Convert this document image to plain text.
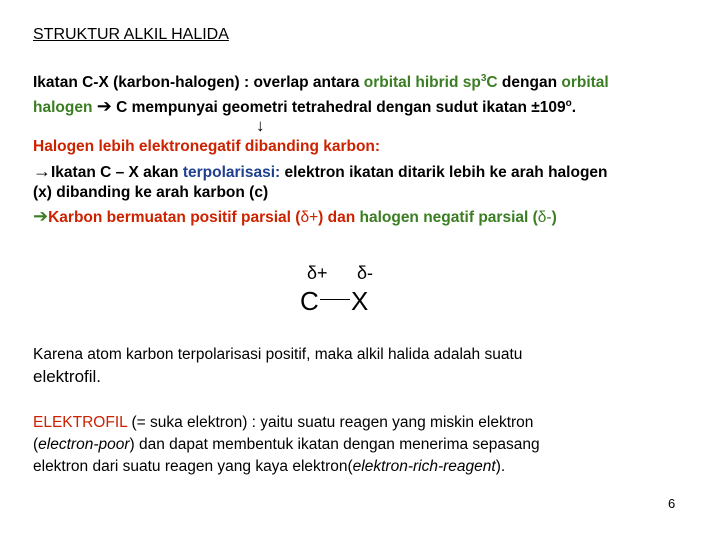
STRUKTUR ALKIL HALIDA
Ikatan C-X (karbon-halogen) : overlap antara orbital hibrid $sp^3C$ dengan orbital
halogen ➔ C mempunyai geometri tetrahedral dengan sudut $ikatan \pm 109^o$.
↓
Halogen lebih elektronegatif dibanding karbon:
→Ikatan C – X akan terpolarisasi: elektron ikatan ditarik lebih ke arah halogen
(x) dibanding ke arah karbon (c)
➔Karbon bermuatan positif parsial (δ+) dan halogen negatif parsial (δ-)
δ+ δ-
C X
Karena atom karbon terpolarisasi positif, maka alkil halida adalah suatu
elektrofil.
ELEKTROFIL (= suka elektron) : yaitu suatu reagen yang miskin elektron
(electron-poor) dan dapat membentuk ikatan dengan menerima sepasang
elektron dari suatu reagen yang kaya elektron(elektron-rich-reagent).
6
